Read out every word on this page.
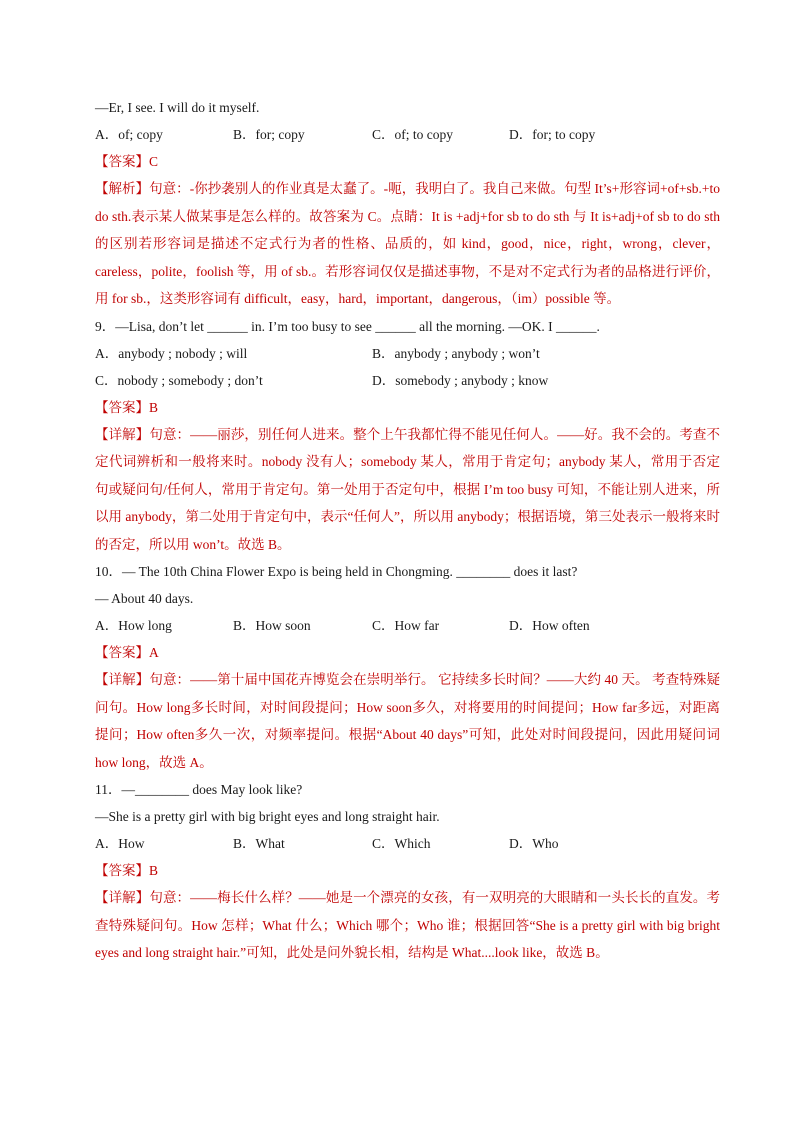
—Er, I see. I will do it myself.
A．of; copy	B．for; copy	C．of; to copy	D．for; to copy
【答案】C
【解析】句意：-你抄袭别人的作业真是太蠢了。-呃，我明白了。我自己来做。句型 It’s+形容词+of+sb.+to do sth.表示某人做某事是怎么样的。故答案为 C。点睛：It is +adj+for sb to do sth 与 It is+adj+of sb to do sth 的区别若形容词是描述不定式行为者的性格、品质的，如 kind，good，nice，right，wrong，clever，careless，polite，foolish 等，用 of sb.。若形容词仅仅是描述事物，不是对不定式行为者的品格进行评价，用 for sb.，这类形容词有 difficult，easy，hard，important，dangerous，（im）possible 等。
9．—Lisa, don’t let ______ in. I’m too busy to see ______ all the morning. —OK. I ______.
A．anybody ; nobody ; will	B．anybody ; anybody ; won’t
C．nobody ; somebody ; don’t	D．somebody ; anybody ; know
【答案】B
【详解】句意：——丽莎，别任何人进来。整个上午我都忙得不能见任何人。——好。我不会的。考查不定代词辨析和一般将来时。nobody 没有人；somebody 某人，常用于肯定句；anybody 某人，常用于否定句或疑问句/任何人，常用于肯定句。第一处用于否定句中，根据 I’m too busy 可知，不能让别人进来，所以用 anybody，第二处用于肯定句中，表示“任何人”，所以用 anybody；根据语境，第三处表示一般将来时的否定，所以用 won’t。故选 B。
10．— The 10th China Flower Expo is being held in Chongming. ________ does it last?
— About 40 days.
A．How long	B．How soon	C．How far	D．How often
【答案】A
【详解】句意：——第十届中国花卉博览会在崇明举行。 它持续多长时间？——大约 40 天。 考查特殊疑问句。How long多长时间，对时间段提问；How soon多久，对将要用的时间提问；How far多远，对距离提问；How often多久一次，对频率提问。根据“About 40 days”可知，此处对时间段提问，因此用疑问词 how long，故选 A。
11．—________ does May look like?
—She is a pretty girl with big bright eyes and long straight hair.
A．How	B．What	C．Which	D．Who
【答案】B
【详解】句意：——梅长什么样？——她是一个漂亮的女孩，有一双明亮的大眼睛和一头长长的直发。考查特殊疑问句。How 怎样；What 什么；Which 哪个；Who 谁；根据回答“She is a pretty girl with big bright eyes and long straight hair.”可知，此处是问外貌长相，结构是 What....look like，故选 B。
